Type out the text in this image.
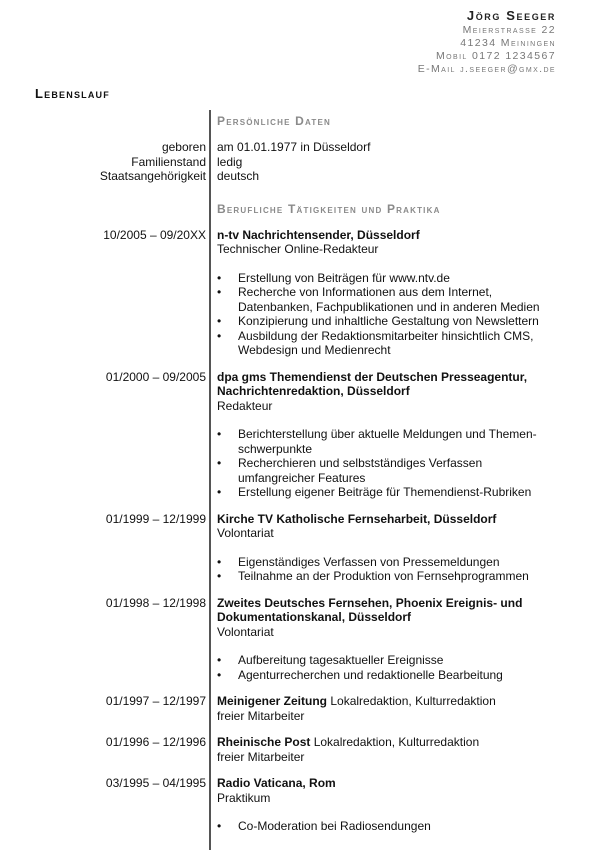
Jörg Seeger
Meierstrasse 22
41234 Meiningen
Mobil 0172 1234567
E-Mail j.seeger@gmx.de
Lebenslauf
Persönliche Daten
geboren am 01.01.1977 in Düsseldorf
Familienstand ledig
Staatsangehörigkeit deutsch
Berufliche Tätigkeiten und Praktika
10/2005 – 09/20XX n-tv Nachrichtensender, Düsseldorf
Technischer Online-Redakteur
• Erstellung von Beiträgen für www.ntv.de
• Recherche von Informationen aus dem Internet, Datenbanken, Fachpublikationen und in anderen Medien
• Konzipierung und inhaltliche Gestaltung von Newslettern
• Ausbildung der Redaktionsmitarbeiter hinsichtlich CMS, Webdesign und Medienrecht
01/2000 – 09/2005 dpa gms Themendienst der Deutschen Presseagentur,
Nachrichtenredaktion, Düsseldorf
Redakteur
• Berichterstellung über aktuelle Meldungen und Themen-schwerpunkte
• Recherchieren und selbstständiges Verfassen umfangreicher Features
• Erstellung eigener Beiträge für Themendienst-Rubriken
01/1999 – 12/1999 Kirche TV Katholische Fernseharbeit, Düsseldorf
Volontariat
• Eigenständiges Verfassen von Pressemeldungen
• Teilnahme an der Produktion von Fernsehprogrammen
01/1998 – 12/1998 Zweites Deutsches Fernsehen, Phoenix Ereignis- und
Dokumentationskanal, Düsseldorf
Volontariat
• Aufbereitung tagesaktueller Ereignisse
• Agenturrecherchen und redaktionelle Bearbeitung
01/1997 – 12/1997 Meinigener Zeitung Lokalredaktion, Kulturredaktion
freier Mitarbeiter
01/1996 – 12/1996 Rheinische Post Lokalredaktion, Kulturredaktion
freier Mitarbeiter
03/1995 – 04/1995 Radio Vaticana, Rom
Praktikum
• Co-Moderation bei Radiosendungen
